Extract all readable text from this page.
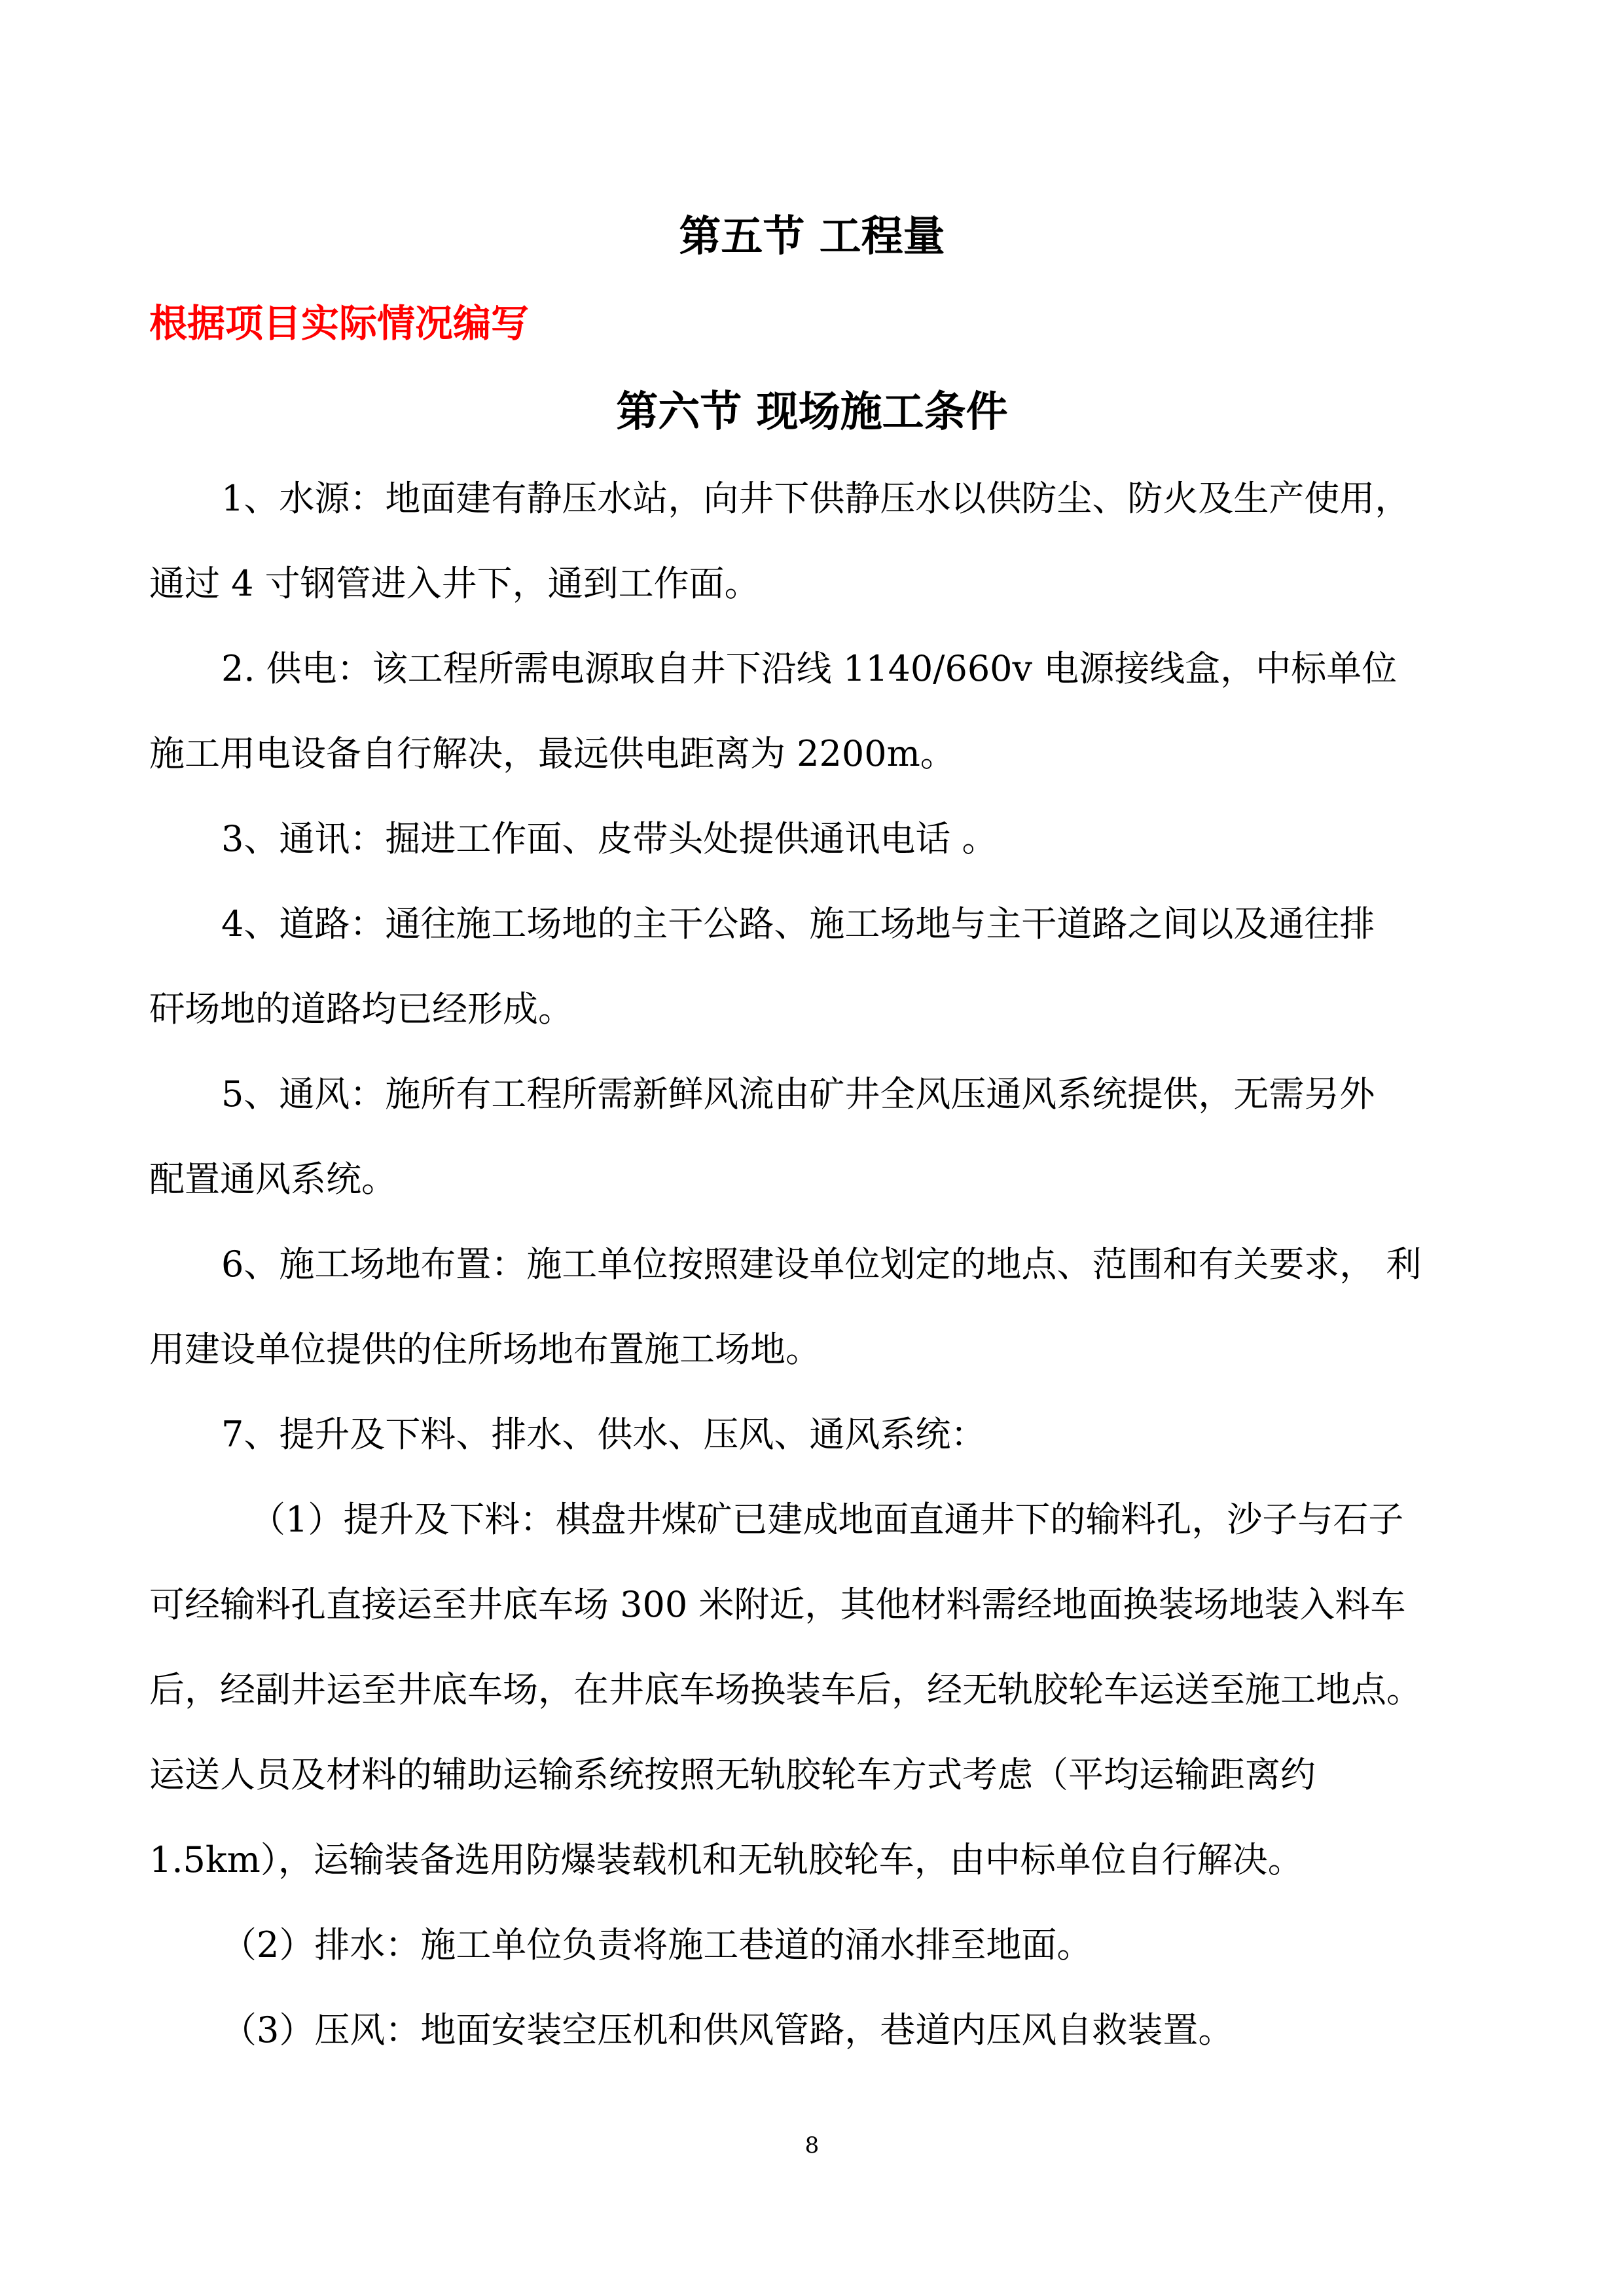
第五节 工程量
根据项目实际情况编写
第六节 现场施工条件
1、水源：地面建有静压水站，向井下供静压水以供防尘、防火及生产使用，
通过 4 寸钢管进入井下，通到工作面。
2. 供电：该工程所需电源取自井下沿线 1140/660v 电源接线盒，中标单位
施工用电设备自行解决，最远供电距离为 2200m。
3、通讯：掘进工作面、皮带头处提供通讯电话 。
4、道路：通往施工场地的主干公路、施工场地与主干道路之间以及通往排
矸场地的道路均已经形成。
5、通风：施所有工程所需新鲜风流由矿井全风压通风系统提供，无需另外
配置通风系统。
6、施工场地布置：施工单位按照建设单位划定的地点、范围和有关要求， 利
用建设单位提供的住所场地布置施工场地。
7、提升及下料、排水、供水、压风、通风系统：
（1）提升及下料：棋盘井煤矿已建成地面直通井下的输料孔，沙子与石子
可经输料孔直接运至井底车场 300 米附近，其他材料需经地面换装场地装入料车
后，经副井运至井底车场，在井底车场换装车后，经无轨胶轮车运送至施工地点。
运送人员及材料的辅助运输系统按照无轨胶轮车方式考虑（平均运输距离约
1.5km），运输装备选用防爆装载机和无轨胶轮车，由中标单位自行解决。
（2）排水：施工单位负责将施工巷道的涌水排至地面。
（3）压风：地面安装空压机和供风管路，巷道内压风自救装置。
8
